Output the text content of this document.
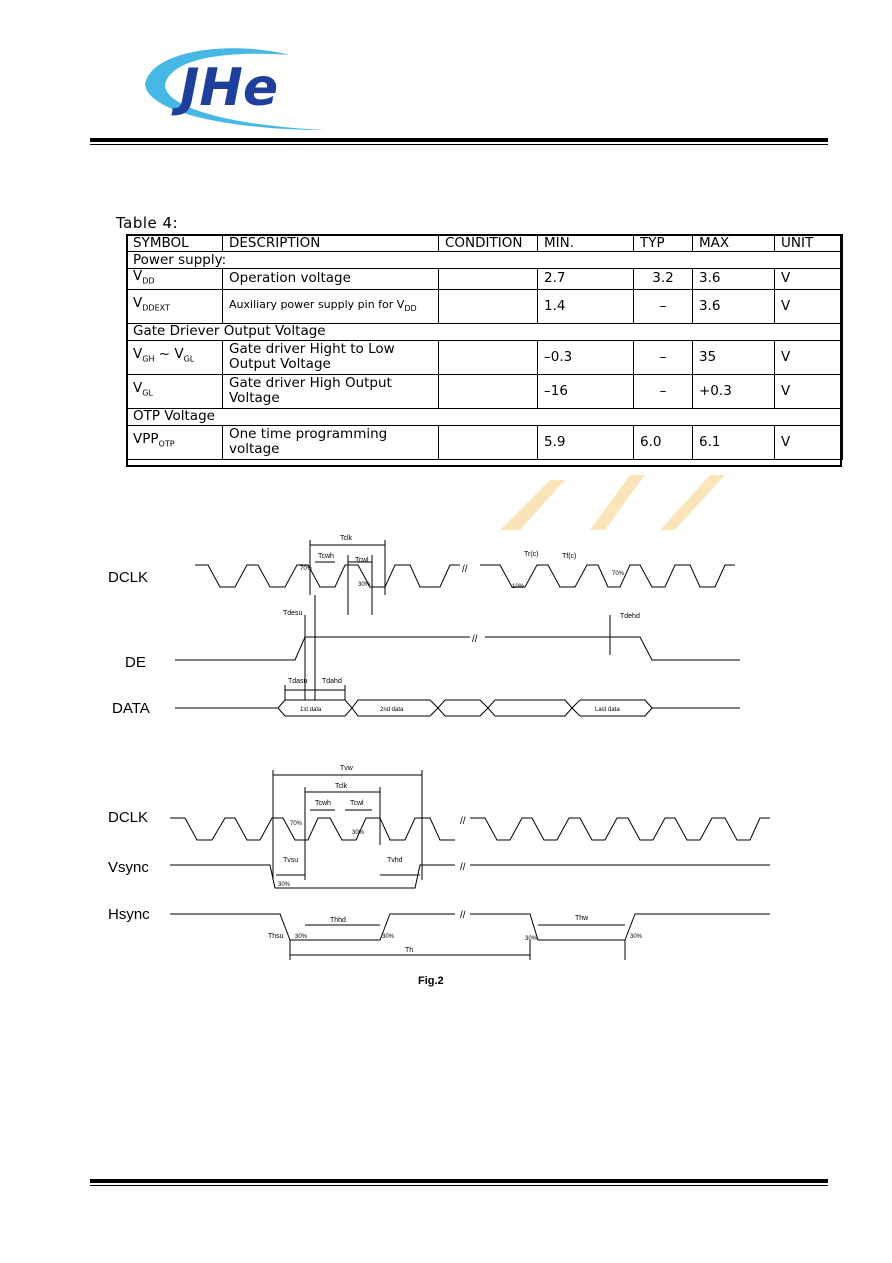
JHe
Table 4:
SYMBOL	DESCRIPTION	CONDITION	MIN.	TYP	MAX	UNIT
Power supply:						
$V_{DD}$	Operation voltage		2.7	3.2	3.6	V
$V_{DDEXT}$	Auxiliary power supply pin for $V_{DD}$		1.4	–	3.6	V
Gate Driever Output Voltage						
$V_{GH}$ ~ $V_{GL}$	Gate driver Hight to Low Output Voltage		–0.3	–	35	V
$V_{GL}$	Gate driver High Output Voltage		–16	–	+0.3	V
OTP Voltage						
$VPP_{OTP}$	One time programming voltage		5.9	6.0	6.1	V
DCLK	//
Tclk
Tcwh
Tcwl
Tr(c)	Tf(c)
70%
30%	10%
70%
DE
//
Tdesu	Tdehd
DATA	1st data	2nd data	Last data
Tdasu Tdahd
DCLK	//
Tvw
Tclk
Tcwh	Tcwl
70%
30%
Vsync	//
Tvsu	Tvhd
30%
Hsync	//
Thhd
Thsu
Thw
Th
30%	30%	30%	30%
Fig.2
